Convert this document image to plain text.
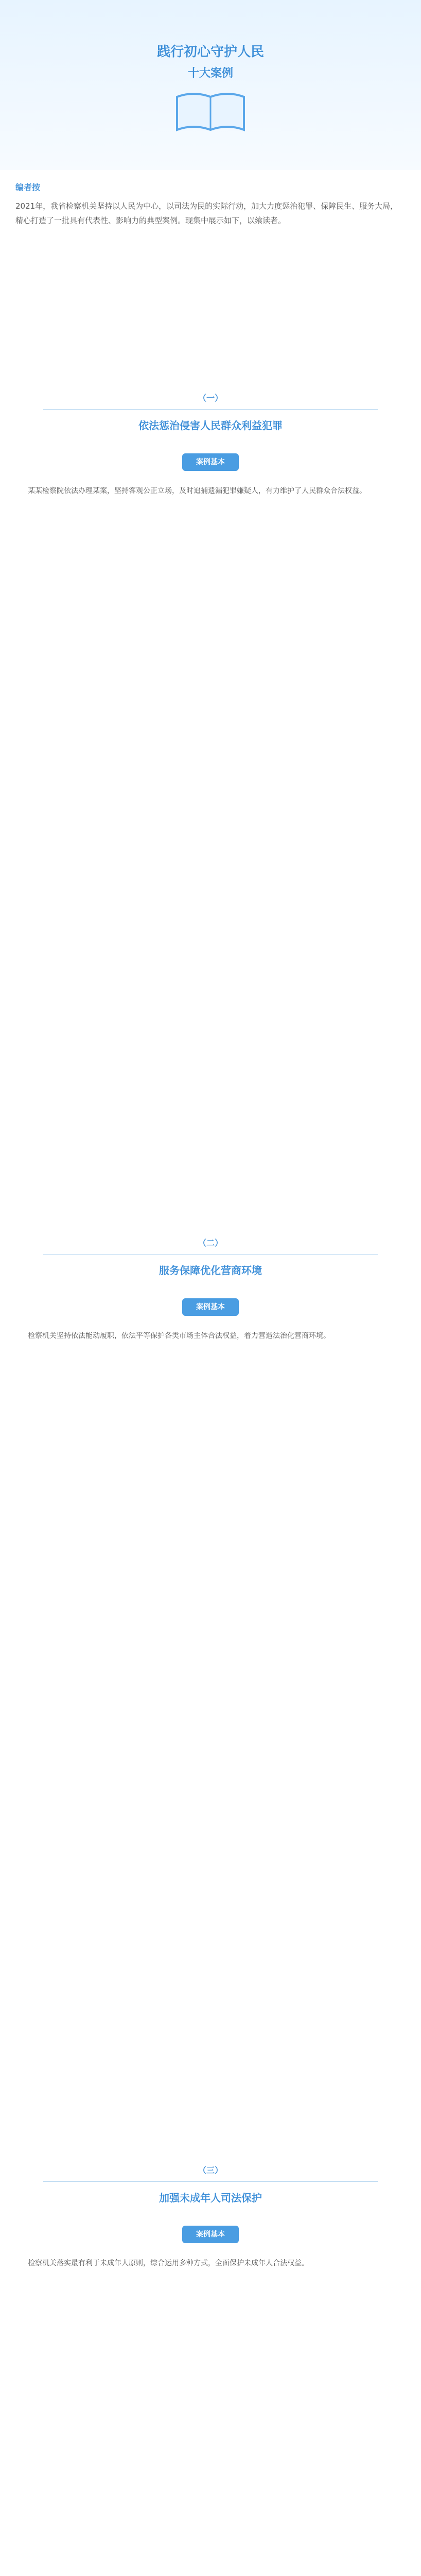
践行初心守护人民
十大案例
编者按
2021年，我省检察机关坚持以人民为中心，以司法为民的实际行动，加大力度惩治犯罪、保障民生、服务大局，精心打造了一批具有代表性、影响力的典型案例。现集中展示如下，以飨读者。
（一）
依法惩治侵害人民群众利益犯罪
案例基本
某某检察院依法办理某案，坚持客观公正立场，及时追捕遗漏犯罪嫌疑人，有力维护了人民群众合法权益。
（二）
服务保障优化营商环境
案例基本
检察机关坚持依法能动履职，依法平等保护各类市场主体合法权益，着力营造法治化营商环境。
（三）
加强未成年人司法保护
案例基本
检察机关落实最有利于未成年人原则，综合运用多种方式，全面保护未成年人合法权益。
